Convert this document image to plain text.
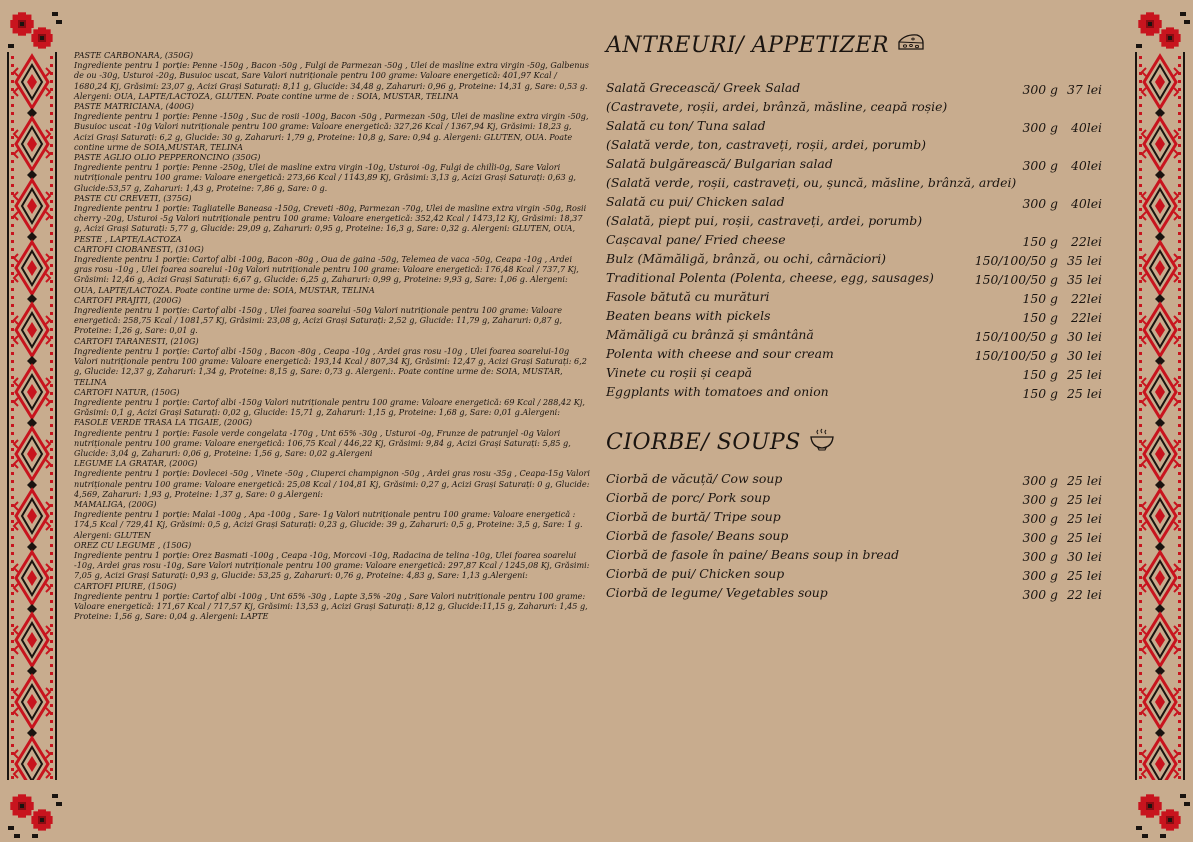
PASTE CARBONARA, (350G)
Ingrediente pentru 1 porție: Penne -150g , Bacon -50g , Fulgi de Parmezan -50g , Ulei de masline extra virgin -50g, Galbenus de ou -30g, Usturoi -20g, Busuioc uscat, Sare Valori nutriționale pentru 100 grame: Valoare energetică: 401,97 Kcal / 1680,24 Kj, Grăsimi: 23,07 g, Acizi Grași Saturați: 8,11 g, Glucide: 34,48 g, Zaharuri: 0,96 g, Proteine: 14,31 g, Sare: 0,53 g. Alergeni: OUA, LAPTE/LACTOZA, GLUTEN. Poate contine urme de : SOIA, MUSTAR, TELINA
PASTE MATRICIANA, (400G)
Ingrediente pentru 1 porție: Penne -150g , Suc de rosii -100g, Bacon -50g , Parmezan -50g, Ulei de masline extra virgin -50g, Busuioc uscat -10g Valori nutriționale pentru 100 grame: Valoare energetică: 327,26 Kcal / 1367,94 Kj, Grăsimi: 18,23 g, Acizi Grași Saturați: 6,2 g, Glucide: 30 g, Zaharuri: 1,79 g, Proteine: 10,8 g, Sare: 0,94 g. Alergeni: GLUTEN, OUA. Poate contine urme de SOIA,MUSTAR, TELINA
PASTE AGLIO OLIO PEPPERONCINO (350G)
Ingrediente pentru 1 porție: Penne -250g, Ulei de masline extra virgin -10g, Usturoi -0g, Fulgi de chilli-0g, Sare Valori nutriționale pentru 100 grame: Valoare energetică: 273,66 Kcal / 1143,89 Kj, Grăsimi: 3,13 g, Acizi Grași Saturați: 0,63 g, Glucide:53,57 g, Zaharuri: 1,43 g, Proteine: 7,86 g, Sare: 0 g.
PASTE CU CREVETI, (375G)
Ingrediente pentru 1 porție: Tagliatelle Baneasa -150g, Creveti -80g, Parmezan -70g, Ulei de masline extra virgin -50g, Rosii cherry -20g, Usturoi -5g Valori nutriționale pentru 100 grame: Valoare energetică: 352,42 Kcal / 1473,12 Kj, Grăsimi: 18,37 g, Acizi Grași Saturați: 5,77 g, Glucide: 29,09 g, Zaharuri: 0,95 g, Proteine: 16,3 g, Sare: 0,32 g. Alergeni: GLUTEN, OUA, PESTE , LAPTE/LACTOZA
CARTOFI CIOBANESTI, (310G)
Ingrediente pentru 1 porție: Cartof albi -100g, Bacon -80g , Oua de gaina -50g, Telemea de vaca -50g, Ceapa -10g , Ardei gras rosu -10g , Ulei foarea soarelui -10g Valori nutriționale pentru 100 grame: Valoare energetică: 176,48 Kcal / 737,7 Kj, Grăsimi: 12,46 g, Acizi Grași Saturați: 6,67 g, Glucide: 6,25 g, Zaharuri: 0,99 g, Proteine: 9,93 g, Sare: 1,06 g. Alergeni: OUA, LAPTE/LACTOZA. Poate contine urme de: SOIA, MUSTAR, TELINA
CARTOFI PRAJITI, (200G)
Ingrediente pentru 1 porție: Cartof albi -150g , Ulei foarea soarelui -50g Valori nutriționale pentru 100 grame: Valoare energetică: 258,75 Kcal / 1081,57 Kj, Grăsimi: 23,08 g, Acizi Grași Saturați: 2,52 g, Glucide: 11,79 g, Zaharuri: 0,87 g, Proteine: 1,26 g, Sare: 0,01 g.
CARTOFI TARANESTI, (210G)
Ingrediente pentru 1 porție: Cartof albi -150g , Bacon -80g , Ceapa -10g , Ardei gras rosu -10g , Ulei foarea soarelui-10g Valori nutriționale pentru 100 grame: Valoare energetică: 193,14 Kcal / 807,34 Kj, Grăsimi: 12,47 g, Acizi Grași Saturați: 6,2 g, Glucide: 12,37 g, Zaharuri: 1,34 g, Proteine: 8,15 g, Sare: 0,73 g. Alergeni:. Poate contine urme de: SOIA, MUSTAR, TELINA
CARTOFI NATUR, (150G)
Ingrediente pentru 1 porție: Cartof albi -150g Valori nutriționale pentru 100 grame: Valoare energetică: 69 Kcal / 288,42 Kj, Grăsimi: 0,1 g, Acizi Grași Saturați: 0,02 g, Glucide: 15,71 g, Zaharuri: 1,15 g, Proteine: 1,68 g, Sare: 0,01 g.Alergeni:
FASOLE VERDE TRASA LA TIGAIE, (200G)
Ingrediente pentru 1 porție: Fasole verde congelata -170g , Unt 65% -30g , Usturoi -0g, Frunze de patrunjel -0g Valori nutriționale pentru 100 grame: Valoare energetică: 106,75 Kcal / 446,22 Kj, Grăsimi: 9,84 g, Acizi Grași Saturați: 5,85 g, Glucide: 3,04 g, Zaharuri: 0,06 g, Proteine: 1,56 g, Sare: 0,02 g.Alergeni
LEGUME LA GRATAR, (200G)
Ingrediente pentru 1 porție: Dovlecei -50g , Vinete -50g , Ciuperci champignon -50g , Ardei gras rosu -35g , Ceapa-15g Valori nutriționale pentru 100 grame: Valoare energetică: 25,08 Kcal / 104,81 Kj, Grăsimi: 0,27 g, Acizi Grași Saturați: 0 g, Glucide: 4,569, Zaharuri: 1,93 g, Proteine: 1,37 g, Sare: 0 g.Alergeni:
MAMALIGA, (200G)
Ingrediente pentru 1 porție: Malai -100g , Apa -100g , Sare- 1g Valori nutriționale pentru 100 grame: Valoare energetică : 174,5 Kcal / 729,41 Kj, Grăsimi: 0,5 g, Acizi Grași Saturați: 0,23 g, Glucide: 39 g, Zaharuri: 0,5 g, Proteine: 3,5 g, Sare: 1 g. Alergeni: GLUTEN
OREZ CU LEGUME , (150G)
Ingrediente pentru 1 porție: Orez Basmati -100g , Ceapa -10g, Morcovi -10g, Radacina de telina -10g, Ulei foarea soarelui -10g, Ardei gras rosu -10g, Sare Valori nutriționale pentru 100 grame: Valoare energetică: 297,87 Kcal / 1245,08 Kj, Grăsimi: 7,05 g, Acizi Grași Saturați: 0,93 g, Glucide: 53,25 g, Zaharuri: 0,76 g, Proteine: 4,83 g, Sare: 1,13 g.Alergeni:
CARTOFI PIURE, (150G)
Ingrediente pentru 1 porție: Cartof albi -100g , Unt 65% -30g , Lapte 3,5% -20g , Sare Valori nutriționale pentru 100 grame: Valoare energetică: 171,67 Kcal / 717,57 Kj, Grăsimi: 13,53 g, Acizi Grași Saturați: 8,12 g, Glucide:11,15 g, Zaharuri: 1,45 g, Proteine: 1,56 g, Sare: 0,04 g. Alergeni: LAPTE
ANTREURI/ APPETIZER
Salată Grecească/ Greek Salad	300 g 37 lei
(Castravete, roșii, ardei, brânză, măsline, ceapă roșie)
Salată cu ton/ Tuna salad	300 g 40lei
(Salată verde, ton, castraveți, roșii, ardei, porumb)
Salată bulgărească/ Bulgarian salad	300 g 40lei
(Salată verde, roșii, castraveți, ou, șuncă, măsline, brânză, ardei)
Salată cu pui/ Chicken salad	300 g 40lei
(Salată, piept pui, roșii, castraveți, ardei, porumb)
Cașcaval pane/ Fried cheese	150 g 22lei
Bulz (Mămăligă, brânză, ou ochi, cârnăciori)	150/100/50 g 35 lei
Traditional Polenta (Polenta, cheese, egg, sausages)	150/100/50 g 35 lei
Fasole bătută cu murături	150 g 22lei
Beaten beans with pickels	150 g 22lei
Mămăligă cu brânză și smântână	150/100/50 g 30 lei
Polenta with cheese and sour cream	150/100/50 g 30 lei
Vinete cu roșii și ceapă	150 g 25 lei
Eggplants with tomatoes and onion	150 g 25 lei
CIORBE/ SOUPS
Ciorbă de văcuță/ Cow soup	300 g 25 lei
Ciorbă de porc/ Pork soup	300 g 25 lei
Ciorbă de burtă/ Tripe soup	300 g 25 lei
Ciorbă de fasole/ Beans soup	300 g 25 lei
Ciorbă de fasole în paine/ Beans soup in bread	300 g 30 lei
Ciorbă de pui/ Chicken soup	300 g 25 lei
Ciorbă de legume/ Vegetables soup	300 g 22 lei
